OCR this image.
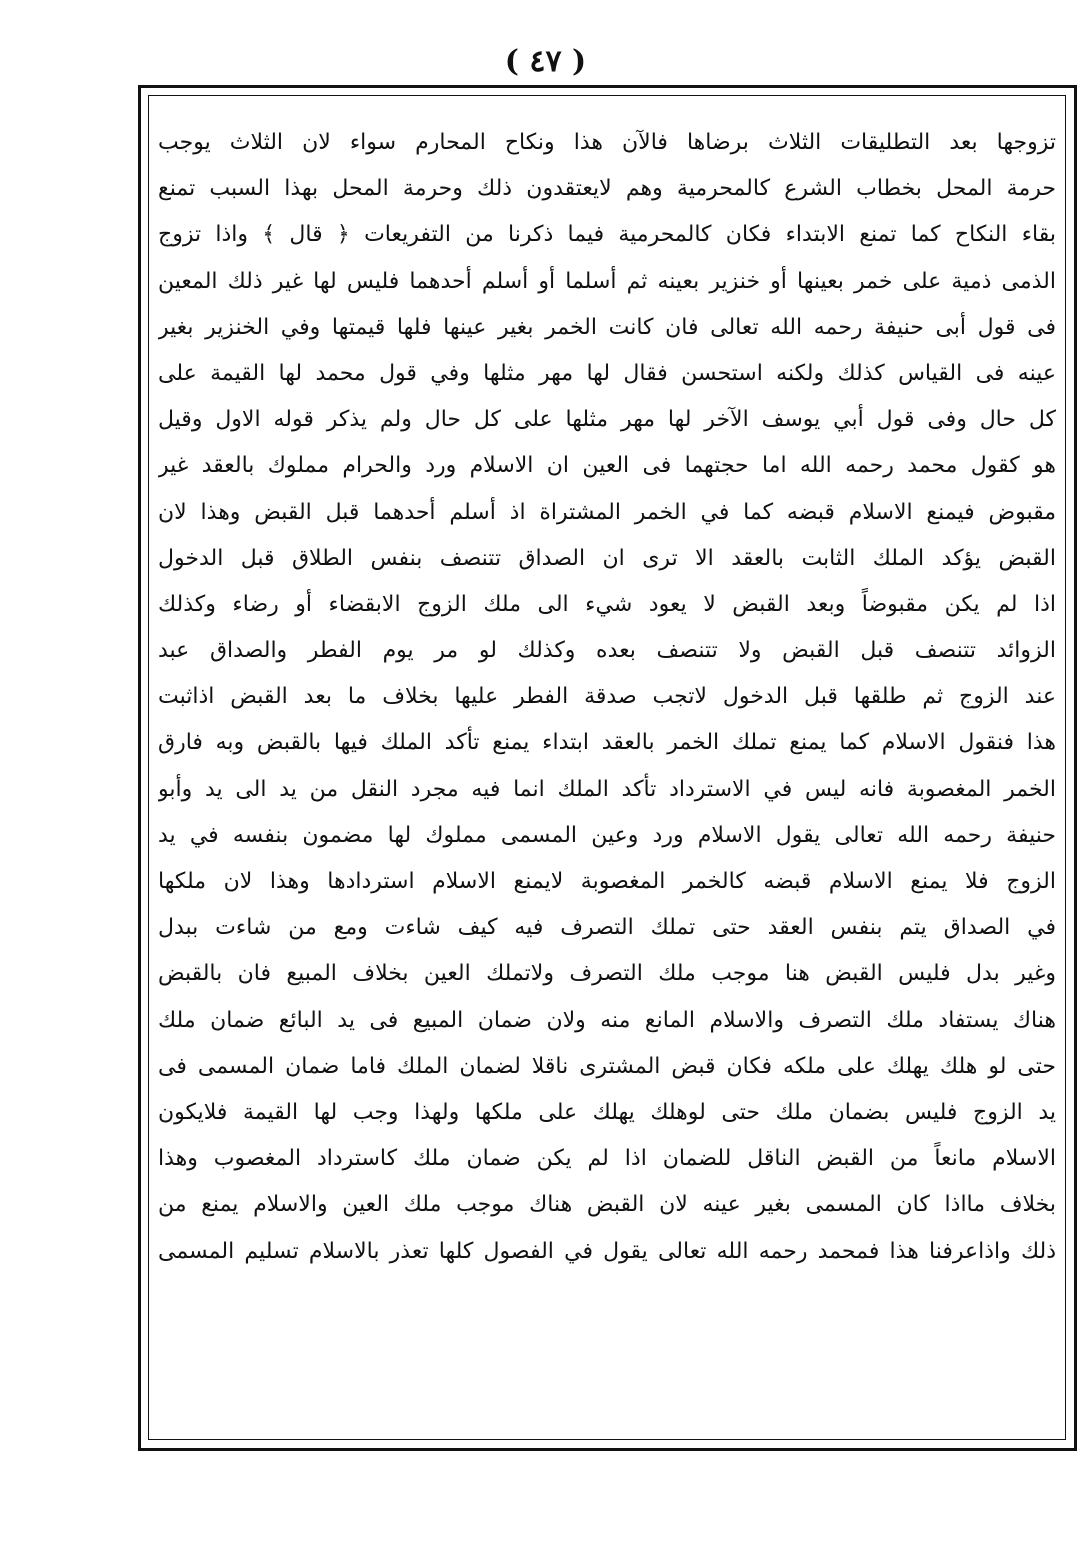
( ٤٧ )
تزوجها بعد التطليقات الثلاث برضاها فالآن هذا ونكاح المحارم سواء لان الثلاث يوجب
حرمة المحل بخطاب الشرع كالمحرمية وهم لايعتقدون ذلك وحرمة المحل بهذا السبب تمنع
بقاء النكاح كما تمنع الابتداء فكان كالمحرمية فيما ذكرنا من التفريعات ﴿ قال ﴾ واذا تزوج
الذمى ذمية على خمر بعينها أو خنزير بعينه ثم أسلما أو أسلم أحدهما فليس لها غير ذلك المعين
فى قول أبى حنيفة رحمه الله تعالى فان كانت الخمر بغير عينها فلها قيمتها وفي الخنزير بغير
عينه فى القياس كذلك ولكنه استحسن فقال لها مهر مثلها وفي قول محمد لها القيمة على
كل حال وفى قول أبي يوسف الآخر لها مهر مثلها على كل حال ولم يذكر قوله الاول وقيل
هو كقول محمد رحمه الله اما حجتهما فى العين ان الاسلام ورد والحرام مملوك بالعقد غير
مقبوض فيمنع الاسلام قبضه كما في الخمر المشتراة اذ أسلم أحدهما قبل القبض وهذا لان
القبض يؤكد الملك الثابت بالعقد الا ترى ان الصداق تتنصف بنفس الطلاق قبل الدخول
اذا لم يكن مقبوضاً وبعد القبض لا يعود شيء الى ملك الزوج الابقضاء أو رضاء وكذلك
الزوائد تتنصف قبل القبض ولا تتنصف بعده وكذلك لو مر يوم الفطر والصداق عبد
عند الزوج ثم طلقها قبل الدخول لاتجب صدقة الفطر عليها بخلاف ما بعد القبض اذاثبت
هذا فنقول الاسلام كما يمنع تملك الخمر بالعقد ابتداء يمنع تأكد الملك فيها بالقبض وبه فارق
الخمر المغصوبة فانه ليس في الاسترداد تأكد الملك انما فيه مجرد النقل من يد الى يد وأبو
حنيفة رحمه الله تعالى يقول الاسلام ورد وعين المسمى مملوك لها مضمون بنفسه في يد
الزوج فلا يمنع الاسلام قبضه كالخمر المغصوبة لايمنع الاسلام استردادها وهذا لان ملكها
في الصداق يتم بنفس العقد حتى تملك التصرف فيه كيف شاءت ومع من شاءت ببدل
وغير بدل فليس القبض هنا موجب ملك التصرف ولاتملك العين بخلاف المبيع فان بالقبض
هناك يستفاد ملك التصرف والاسلام المانع منه ولان ضمان المبيع فى يد البائع ضمان ملك
حتى لو هلك يهلك على ملكه فكان قبض المشترى ناقلا لضمان الملك فاما ضمان المسمى فى
يد الزوج فليس بضمان ملك حتى لوهلك يهلك على ملكها ولهذا وجب لها القيمة فلايكون
الاسلام مانعاً من القبض الناقل للضمان اذا لم يكن ضمان ملك كاسترداد المغصوب وهذا
بخلاف مااذا كان المسمى بغير عينه لان القبض هناك موجب ملك العين والاسلام يمنع من
ذلك واذاعرفنا هذا فمحمد رحمه الله تعالى يقول في الفصول كلها تعذر بالاسلام تسليم المسمى
